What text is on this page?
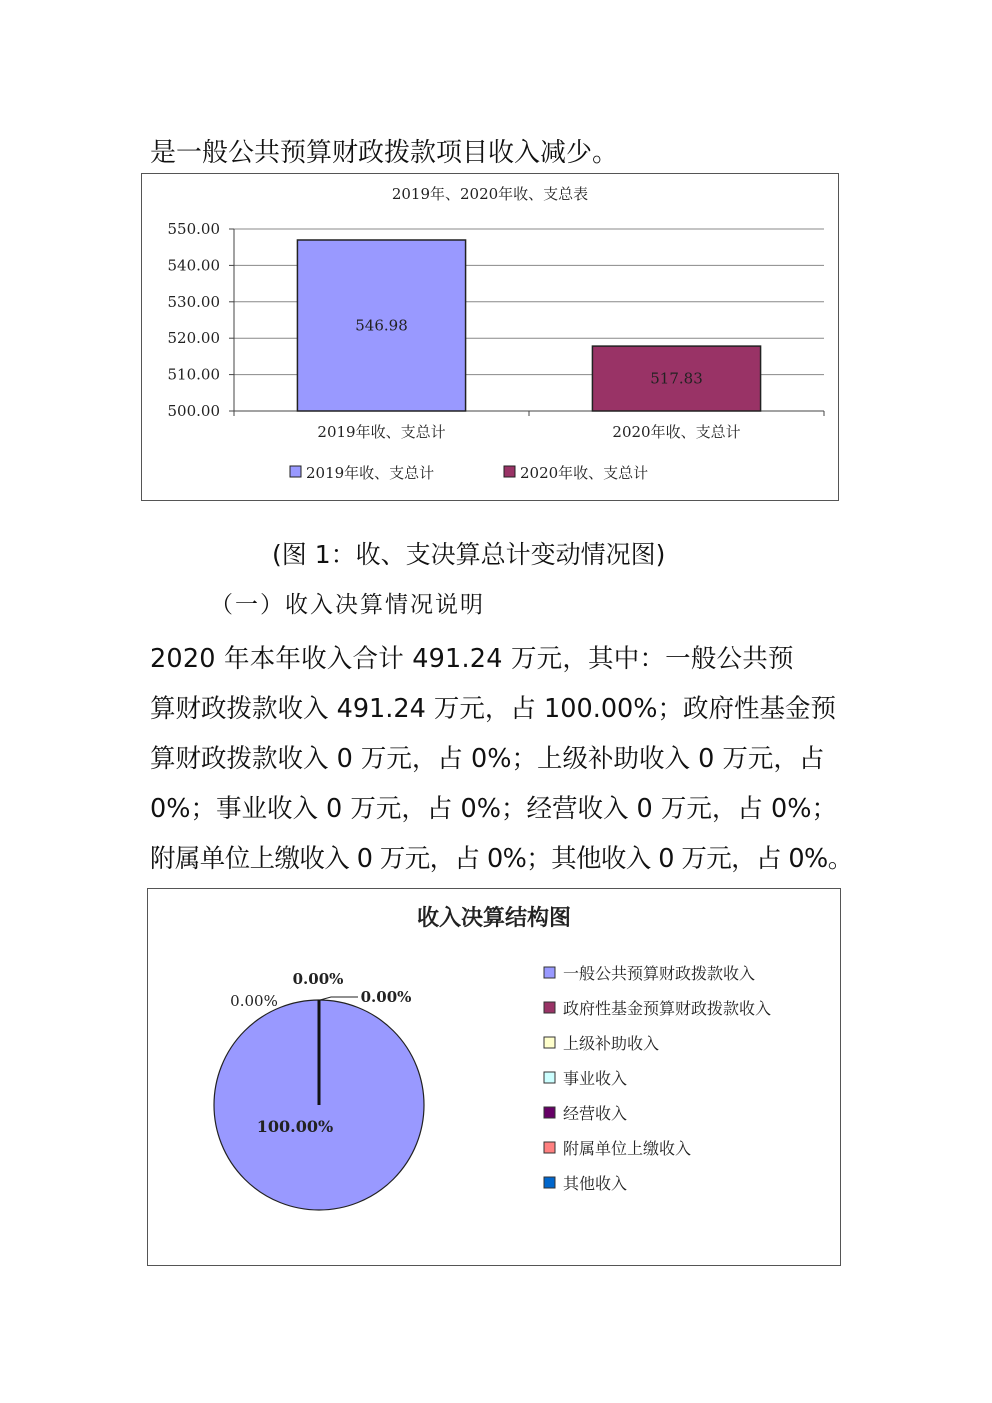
是一般公共预算财政拨款项目收入减少。
2019年、2020年收、支总表
550.00
540.00
530.00
520.00
510.00
500.00
546.98
517.83
2019年收、支总计	2020年收、支总计
2019年收、支总计	2020年收、支总计
(图 1：收、支决算总计变动情况图)
（一）收入决算情况说明
2020 年本年收入合计 491.24 万元，其中：一般公共预
算财政拨款收入 491.24 万元，占 100.00%；政府性基金预
算财政拨款收入 0 万元，占 0%；上级补助收入 0 万元，占
0%；事业收入 0 万元，占 0%；经营收入 0 万元，占 0%；
附属单位上缴收入 0 万元，占 0%；其他收入 0 万元，占 0%。
收入决算结构图
100.00%
0.00%
0.00%	0.00%
一般公共预算财政拨款收入
政府性基金预算财政拨款收入
上级补助收入
事业收入
经营收入
附属单位上缴收入
其他收入
